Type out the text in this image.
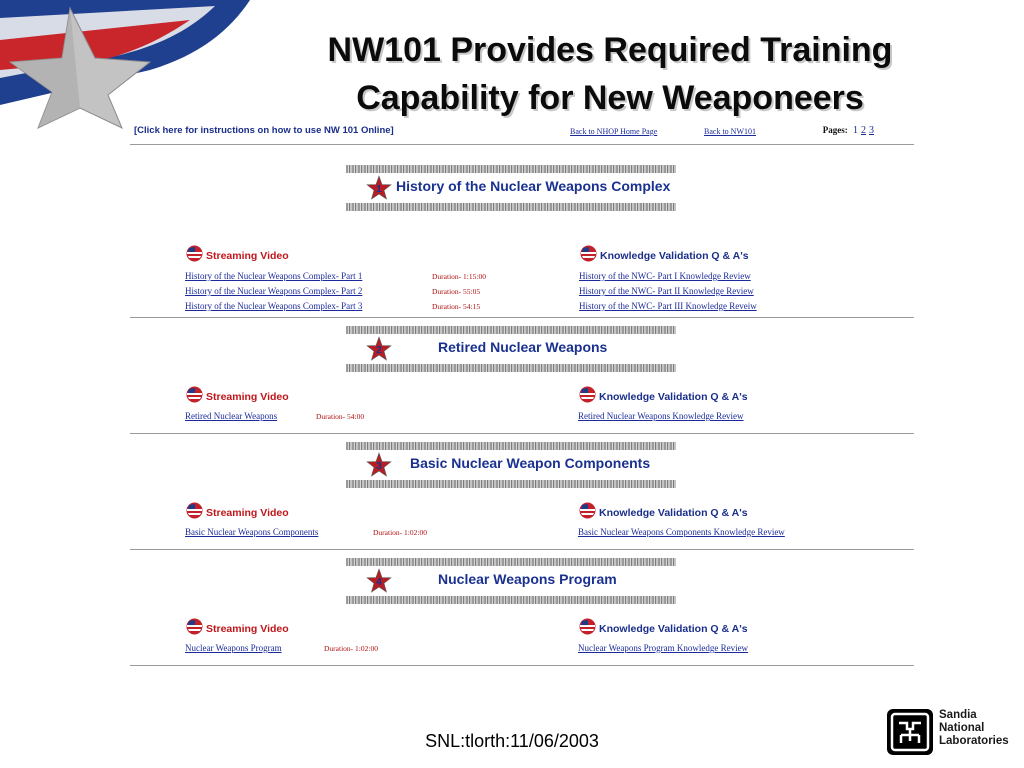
NW101 Provides Required Training
Capability for New Weaponeers
[Click here for instructions on how to use NW 101 Online]	Back to NHOP Home Page	Back to NW101	Pages: 1 2 3
1 History of the Nuclear Weapons Complex
Streaming Video	Knowledge Validation Q & A's
History of the Nuclear Weapons Complex- Part 1	Duration- 1:15:00	History of the NWC- Part I Knowledge Review
History of the Nuclear Weapons Complex- Part 2	Duration- 55:05	History of the NWC- Part II Knowledge Review
History of the Nuclear Weapons Complex- Part 3	Duration- 54:15	History of the NWC- Part III Knowledge Reveiw
2	Retired Nuclear Weapons
Streaming Video	Knowledge Validation Q & A's
Retired Nuclear Weapons	Duration- 54:00	Retired Nuclear Weapons Knowledge Review
3 Basic Nuclear Weapon Components
Streaming Video	Knowledge Validation Q & A's
Basic Nuclear Weapons Components	Duration- 1:02:00	Basic Nuclear Weapons Components Knowledge Review
4	Nuclear Weapons Program
Streaming Video	Knowledge Validation Q & A's
Nuclear Weapons Program	Duration- 1:02:00	Nuclear Weapons Program Knowledge Review
SNL:tlorth:11/06/2003
Sandia
National
Laboratories
